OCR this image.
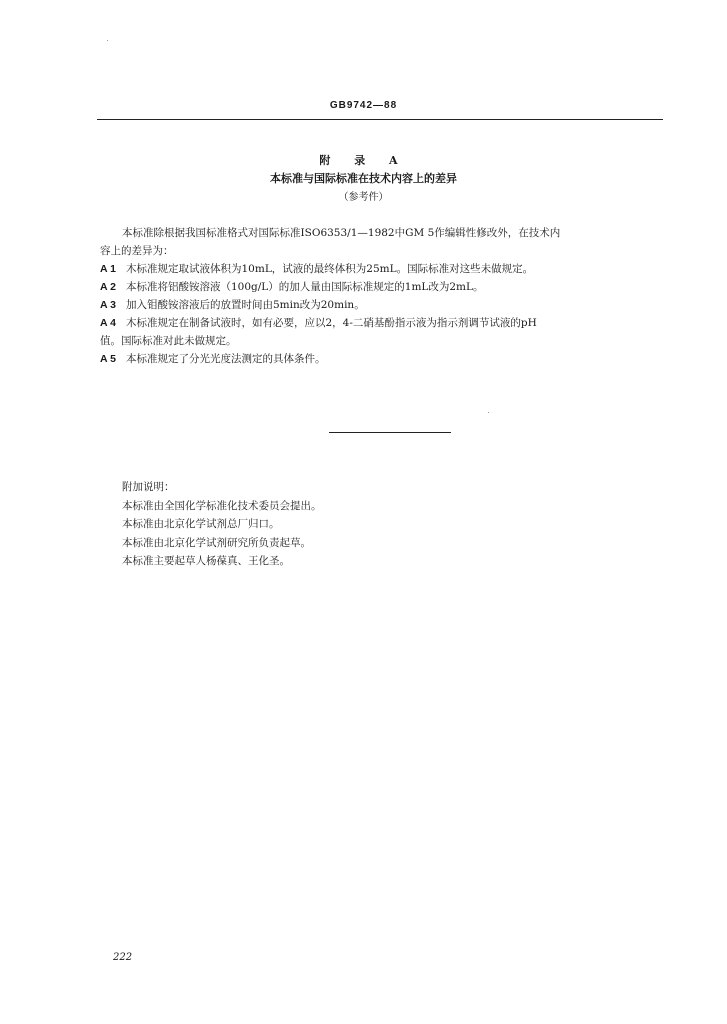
GB9742—88
附 录 A
本标准与国际标准在技术内容上的差异
（参考件）
本标准除根据我国标准格式对国际标准ISO6353/1—1982中GM 5作编辑性修改外，在技术内
容上的差异为：
A 1 木标准规定取试液体积为10mL，试液的最终体积为25mL。国际标准对这些未做规定。
A 2 本标准将铝酸铵溶液（100g/L）的加人量由国际标准规定的1mL改为2mL。
A 3 加入钼酸铵溶液后的放置时间由5min改为20min。
A 4 木标准规定在制备试液时，如有必要，应以2，4-二硝基酚指示液为指示剂调节试液的pH
值。国际标准对此未做规定。
A 5 本标准规定了分光光度法测定的具体条件。
附加说明：
本标准由全国化学标准化技术委员会提出。
本标准由北京化学试剂总厂归口。
本标准由北京化学试剂研究所负责起草。
本标准主要起草人杨葆真、王化圣。
222
